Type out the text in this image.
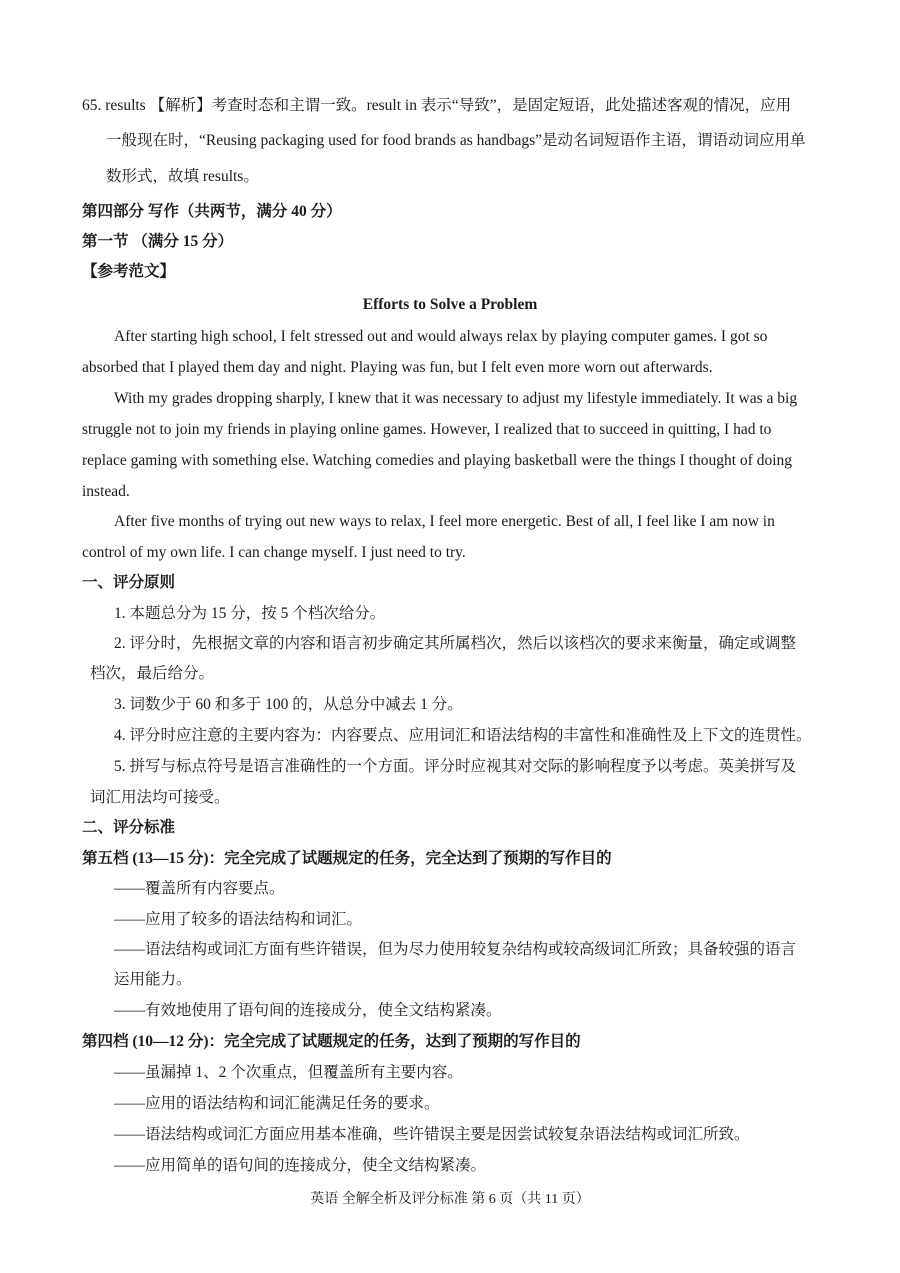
65. results 【解析】考查时态和主谓一致。result in 表示“导致”，是固定短语，此处描述客观的情况，应用
一般现在时，“Reusing packaging used for food brands as handbags”是动名词短语作主语，谓语动词应用单
数形式，故填 results。
第四部分 写作（共两节，满分 40 分）
第一节 （满分 15 分）
【参考范文】
Efforts to Solve a Problem
After starting high school, I felt stressed out and would always relax by playing computer games. I got so
absorbed that I played them day and night. Playing was fun, but I felt even more worn out afterwards.
With my grades dropping sharply, I knew that it was necessary to adjust my lifestyle immediately. It was a big
struggle not to join my friends in playing online games. However, I realized that to succeed in quitting, I had to
replace gaming with something else. Watching comedies and playing basketball were the things I thought of doing
instead.
After five months of trying out new ways to relax, I feel more energetic. Best of all, I feel like I am now in
control of my own life. I can change myself. I just need to try.
一、评分原则
1. 本题总分为 15 分，按 5 个档次给分。
2. 评分时，先根据文章的内容和语言初步确定其所属档次，然后以该档次的要求来衡量，确定或调整
档次，最后给分。
3. 词数少于 60 和多于 100 的，从总分中减去 1 分。
4. 评分时应注意的主要内容为：内容要点、应用词汇和语法结构的丰富性和准确性及上下文的连贯性。
5. 拼写与标点符号是语言准确性的一个方面。评分时应视其对交际的影响程度予以考虑。英美拼写及
词汇用法均可接受。
二、评分标准
第五档 (13—15 分)：完全完成了试题规定的任务，完全达到了预期的写作目的
——覆盖所有内容要点。
——应用了较多的语法结构和词汇。
——语法结构或词汇方面有些许错误，但为尽力使用较复杂结构或较高级词汇所致；具备较强的语言
运用能力。
——有效地使用了语句间的连接成分，使全文结构紧凑。
第四档 (10—12 分)：完全完成了试题规定的任务，达到了预期的写作目的
——虽漏掉 1、2 个次重点，但覆盖所有主要内容。
——应用的语法结构和词汇能满足任务的要求。
——语法结构或词汇方面应用基本准确，些许错误主要是因尝试较复杂语法结构或词汇所致。
——应用简单的语句间的连接成分，使全文结构紧凑。
英语 全解全析及评分标准 第 6 页（共 11 页）
